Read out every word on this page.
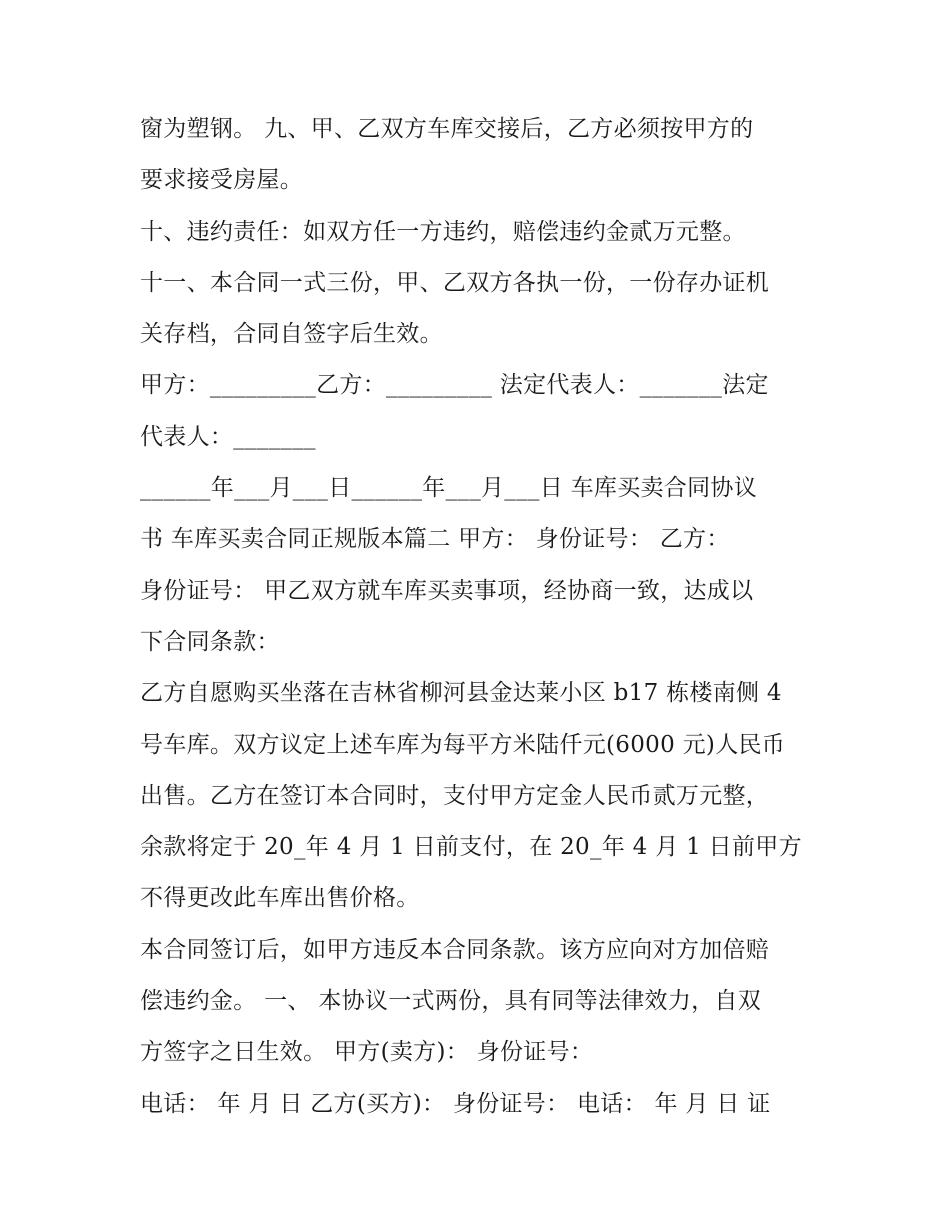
窗为塑钢。 九、甲、乙双方车库交接后，乙方必须按甲方的
要求接受房屋。
十、违约责任：如双方任一方违约，赔偿违约金贰万元整。
十一、本合同一式三份，甲、乙双方各执一份，一份存办证机
关存档，合同自签字后生效。
甲方：_________乙方：_________ 法定代表人：_______法定
代表人：_______
______年___月___日______年___月___日 车库买卖合同协议
书 车库买卖合同正规版本篇二 甲方： 身份证号： 乙方：
身份证号： 甲乙双方就车库买卖事项，经协商一致，达成以
下合同条款：
乙方自愿购买坐落在吉林省柳河县金达莱小区 b17 栋楼南侧 4
号车库。双方议定上述车库为每平方米陆仟元(6000 元)人民币
出售。乙方在签订本合同时，支付甲方定金人民币贰万元整，
余款将定于 20_年 4 月 1 日前支付，在 20_年 4 月 1 日前甲方
不得更改此车库出售价格。
本合同签订后，如甲方违反本合同条款。该方应向对方加倍赔
偿违约金。 一、 本协议一式两份，具有同等法律效力，自双
方签字之日生效。 甲方(卖方)： 身份证号：
电话： 年 月 日 乙方(买方)： 身份证号： 电话： 年 月 日 证
